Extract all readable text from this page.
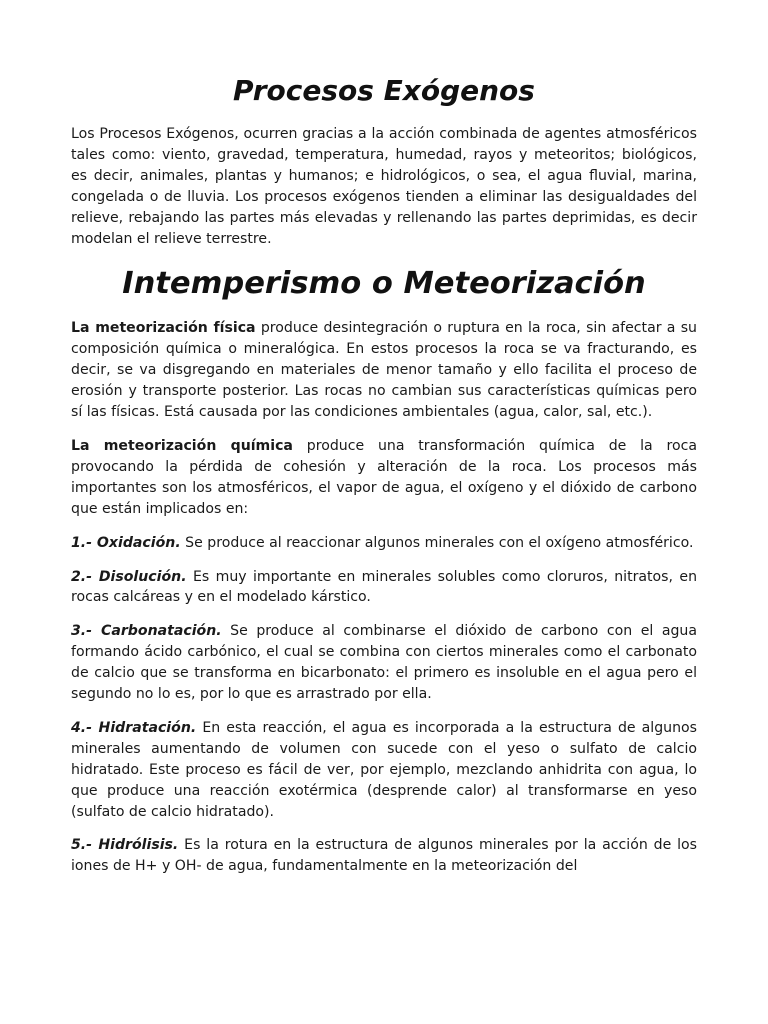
Procesos Exógenos

Los Procesos Exógenos, ocurren gracias a la acción combinada de agentes atmosféricos tales como: viento, gravedad, temperatura, humedad, rayos y meteoritos; biológicos, es decir, animales, plantas y humanos; e hidrológicos, o sea, el agua fluvial, marina, congelada o de lluvia. Los procesos exógenos tienden a eliminar las desigualdades del relieve, rebajando las partes más elevadas y rellenando las partes deprimidas, es decir modelan el relieve terrestre.

Intemperismo o Meteorización

La meteorización física produce desintegración o ruptura en la roca, sin afectar a su composición química o mineralógica. En estos procesos la roca se va fracturando, es decir, se va disgregando en materiales de menor tamaño y ello facilita el proceso de erosión y transporte posterior. Las rocas no cambian sus características químicas pero sí las físicas. Está causada por las condiciones ambientales (agua, calor, sal, etc.).

La meteorización química produce una transformación química de la roca provocando la pérdida de cohesión y alteración de la roca. Los procesos más importantes son los atmosféricos, el vapor de agua, el oxígeno y el dióxido de carbono que están implicados en:

1.- Oxidación. Se produce al reaccionar algunos minerales con el oxígeno atmosférico.

2.- Disolución. Es muy importante en minerales solubles como cloruros, nitratos, en rocas calcáreas y en el modelado kárstico.

3.- Carbonatación. Se produce al combinarse el dióxido de carbono con el agua formando ácido carbónico, el cual se combina con ciertos minerales como el carbonato de calcio que se transforma en bicarbonato: el primero es insoluble en el agua pero el segundo no lo es, por lo que es arrastrado por ella.

4.- Hidratación. En esta reacción, el agua es incorporada a la estructura de algunos minerales aumentando de volumen con sucede con el yeso o sulfato de calcio hidratado. Este proceso es fácil de ver, por ejemplo, mezclando anhidrita con agua, lo que produce una reacción exotérmica (desprende calor) al transformarse en yeso (sulfato de calcio hidratado).

5.- Hidrólisis. Es la rotura en la estructura de algunos minerales por la acción de los iones de H+ y OH- de agua, fundamentalmente en la meteorización del
